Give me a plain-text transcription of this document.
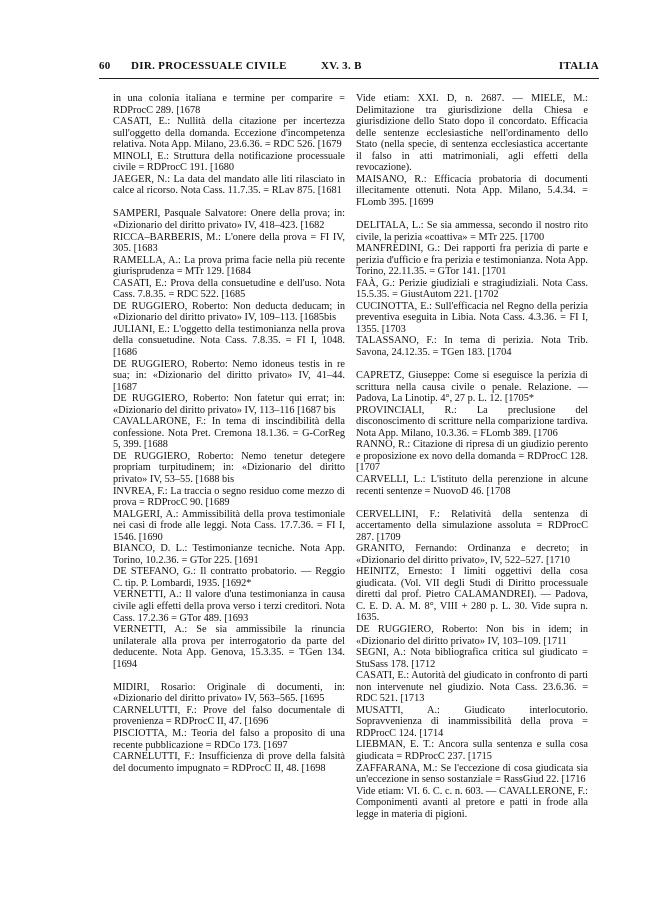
60 DIR. PROCESSUALE CIVILE	XV. 3. B	ITALIA
in una colonia italiana e termine per comparire = RDProcC 289. [1678
CASATI, E.: Nullità della citazione per incertezza sull'oggetto della domanda. Eccezione d'incompetenza relativa. Nota App. Milano, 23.6.36. = RDC 526. [1679
MINOLI, E.: Struttura della notificazione processuale civile = RDProcC 191. [1680
JAEGER, N.: La data del mandato alle liti rilasciato in calce al ricorso. Nota Cass. 11.7.35. = RLav 875. [1681
SAMPERI, Pasquale Salvatore: Onere della prova; in: «Dizionario del diritto privato» IV, 418–423. [1682
RICCA–BARBERIS, M.: L'onere della prova = FI IV, 305. [1683
RAMELLA, A.: La prova prima facie nella più recente giurisprudenza = MTr 129. [1684
CASATI, E.: Prova della consuetudine e dell'uso. Nota Cass. 7.8.35. = RDC 522. [1685
DE RUGGIERO, Roberto: Non deducta deducam; in «Dizionario del diritto privato» IV, 109–113. [1685bis
JULIANI, E.: L'oggetto della testimonianza nella prova della consuetudine. Nota Cass. 7.8.35. = FI I, 1048. [1686
DE RUGGIERO, Roberto: Nemo idoneus testis in re sua; in: «Dizionario del diritto privato» IV, 41–44. [1687
DE RUGGIERO, Roberto: Non fatetur qui errat; in: «Dizionario del diritto privato» IV, 113–116 [1687 bis
CAVALLARONE, F.: In tema di inscindibilità della confessione. Nota Pret. Cremona 18.1.36. = G-CorReg 5, 399. [1688
DE RUGGIERO, Roberto: Nemo tenetur detegere propriam turpitudinem; in: «Dizionario del diritto privato» IV, 53–55. [1688 bis
INVREA, F.: La traccia o segno residuo come mezzo di prova = RDProcC 90. [1689
MALGERI, A.: Ammissibilità della prova testimoniale nei casi di frode alle leggi. Nota Cass. 17.7.36. = FI I, 1546. [1690
BIANCO, D. L.: Testimonianze tecniche. Nota App. Torino, 10.2.36. = GTor 225. [1691
DE STEFANO, G.: Il contratto probatorio. — Reggio C. tip. P. Lombardi, 1935. [1692*
VERNETTI, A.: Il valore d'una testimonianza in causa civile agli effetti della prova verso i terzi creditori. Nota Cass. 17.2.36 = GTor 489. [1693
VERNETTI, A.: Se sia ammissibile la rinuncia unilaterale alla prova per interrogatorio da parte del deducente. Nota App. Genova, 15.3.35. = TGen 134. [1694
MIDIRI, Rosario: Originale di documenti, in: «Dizionario del diritto privato» IV, 563–565. [1695
CARNELUTTI, F.: Prove del falso documentale di provenienza = RDProcC II, 47. [1696
PISCIOTTA, M.: Teoria del falso a proposito di una recente pubblicazione = RDCo 173. [1697
CARNELUTTI, F.: Insufficienza di prove della falsità del documento impugnato = RDProcC II, 48. [1698
Vide etiam: XXI. D, n. 2687. — MIELE, M.: Delimitazione tra giurisdizione della Chiesa e giurisdizione dello Stato dopo il concordato. Efficacia delle sentenze ecclesiastiche nell'ordinamento dello Stato (nella specie, di sentenza ecclesiastica accertante il falso in atti matrimoniali, agli effetti della revocazione).
MAISANO, R.: Efficacia probatoria di documenti illecitamente ottenuti. Nota App. Milano, 5.4.34. = FLomb 395. [1699
DELITALA, L.: Se sia ammessa, secondo il nostro rito civile, la perizia «coattiva» = MTr 225. [1700
MANFREDINI, G.: Dei rapporti fra perizia di parte e perizia d'ufficio e fra perizia e testimonianza. Nota App. Torino, 22.11.35. = GTor 141. [1701
FAÀ, G.: Perizie giudiziali e stragiudiziali. Nota Cass. 15.5.35. = GiustAutom 221. [1702
CUCINOTTA, E.: Sull'efficacia nel Regno della perizia preventiva eseguita in Libia. Nota Cass. 4.3.36. = FI I, 1355. [1703
TALASSANO, F.: In tema di perizia. Nota Trib. Savona, 24.12.35. = TGen 183. [1704
CAPRETZ, Giuseppe: Come si eseguisce la perizia di scrittura nella causa civile o penale. Relazione. — Padova, La Linotip. 4°, 27 p. L. 12. [1705*
PROVINCIALI, R.: La preclusione del disconoscimento di scritture nella comparizione tardiva. Nota App. Milano, 10.3.36. = FLomb 389. [1706
RANNO, R.: Citazione di ripresa di un giudizio perento e proposizione ex novo della domanda = RDProcC 128. [1707
CARVELLI, L.: L'istituto della perenzione in alcune recenti sentenze = NuovoD 46. [1708
CERVELLINI, F.: Relatività della sentenza di accertamento della simulazione assoluta = RDProcC 287. [1709
GRANITO, Fernando: Ordinanza e decreto; in «Dizionario del diritto privato», IV, 522–527. [1710
HEINITZ, Ernesto: I limiti oggettivi della cosa giudicata. (Vol. VII degli Studi di Diritto processuale diretti dal prof. Pietro CALAMANDREI). — Padova, C. E. D. A. M. 8°, VIII + 280 p. L. 30. Vide supra n. 1635.
DE RUGGIERO, Roberto: Non bis in idem; in «Dizionario del diritto privato» IV, 103–109. [1711
SEGNI, A.: Nota bibliografica critica sul giudicato = StuSass 178. [1712
CASATI, E.: Autorità del giudicato in confronto di parti non intervenute nel giudizio. Nota Cass. 23.6.36. = RDC 521. [1713
MUSATTI, A.: Giudicato interlocutorio. Sopravvenienza di inammissibilità della prova = RDProcC 124. [1714
LIEBMAN, E. T.: Ancora sulla sentenza e sulla cosa giudicata = RDProcC 237. [1715
ZAFFARANA, M.: Se l'eccezione di cosa giudicata sia un'eccezione in senso sostanziale = RassGiud 22. [1716
Vide etiam: VI. 6. C. c. n. 603. — CAVALLERONE, F.: Componimenti avanti al pretore e patti in frode alla legge in materia di pigioni.
